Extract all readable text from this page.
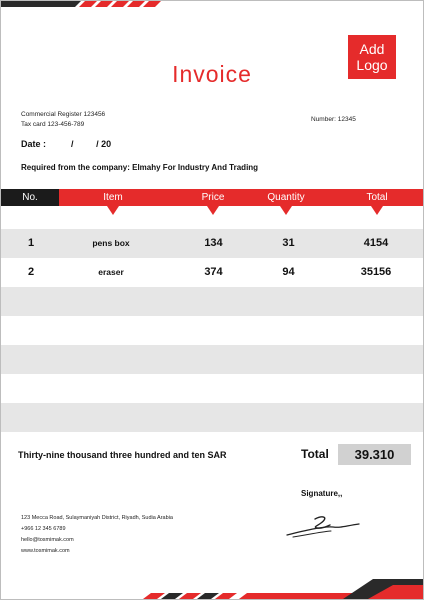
Invoice
Add
Logo
Commercial Register 123456
Tax card 123-456-789
Number: 12345
Date :	/	/ 20
Required from the company: Elmahy For Industry And Trading
No.	Item	Price	Quantity	Total
1	pens box	134	31	4154
2	eraser	374	94	35156
Thirty-nine thousand three hundred and ten SAR	Total	39.310
Signature,,
123 Mecca Road, Sulaymaniyah District, Riyadh, Sudia Arabia
+966 12 345 6789
hello@tosmimak.com
www.tosmimak.com
